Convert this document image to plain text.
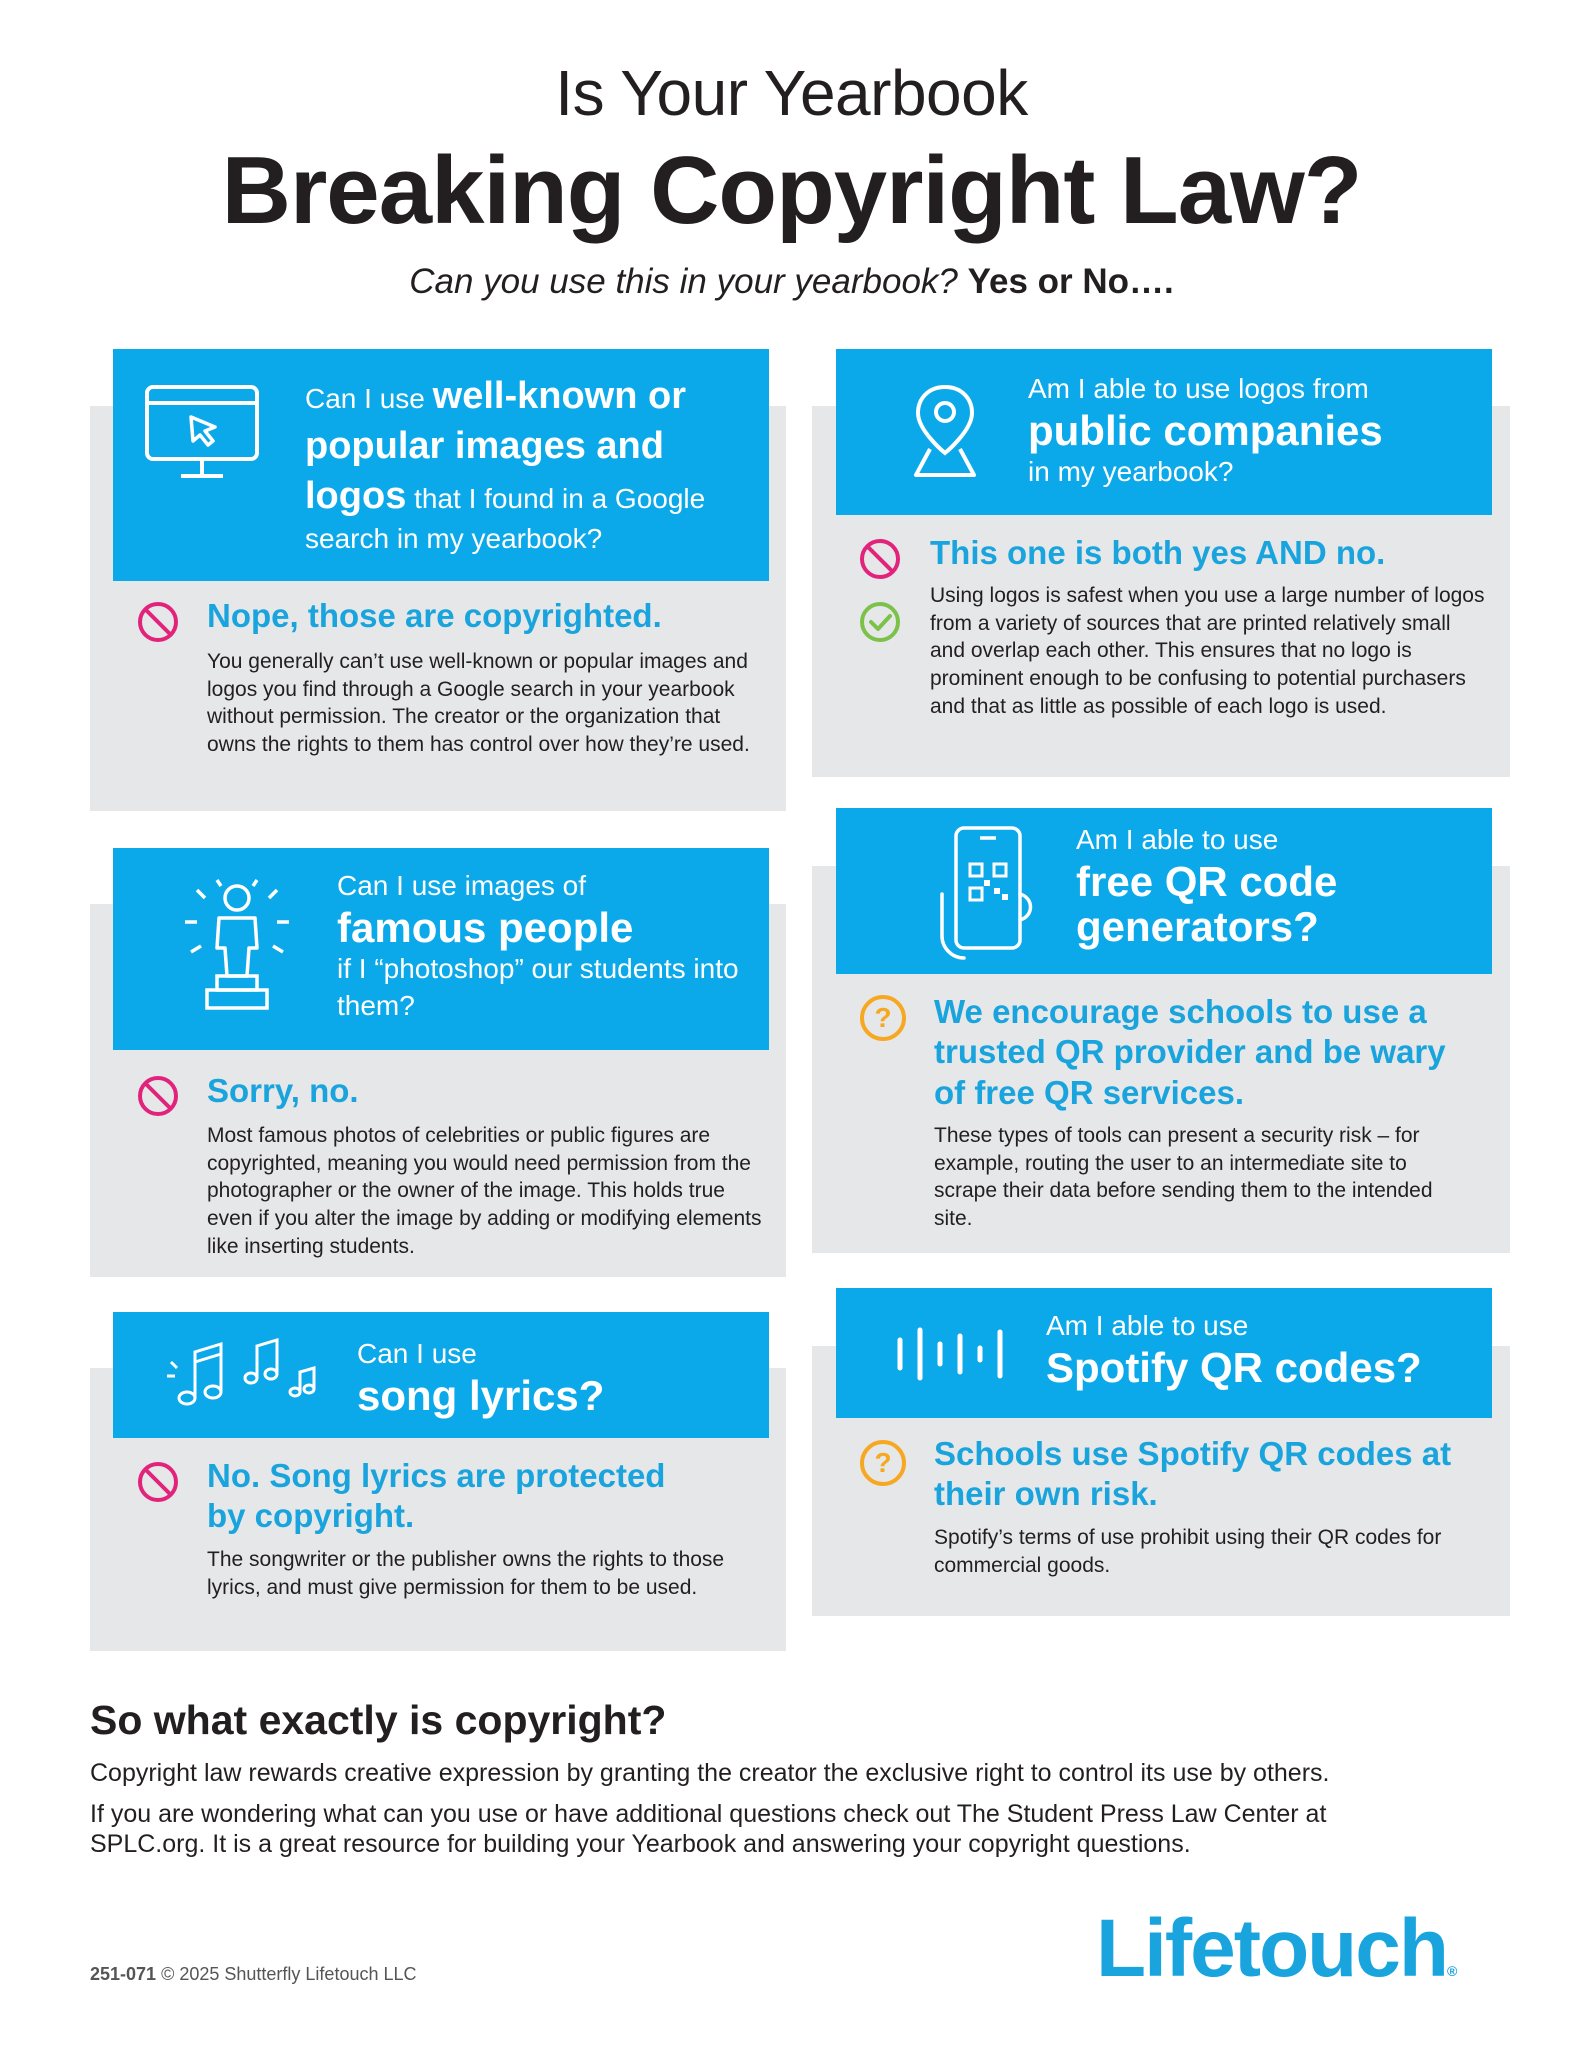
Is Your Yearbook
Breaking Copyright Law?
Can you use this in your yearbook? Yes or No….
Can I use well-known or popular images and logos that I found in a Google search in my yearbook?
Nope, those are copyrighted.
You generally can’t use well-known or popular images and logos you find through a Google search in your yearbook without permission. The creator or the organization that owns the rights to them has control over how they’re used.
Am I able to use logos from
public companies
in my yearbook?
This one is both yes AND no.
Using logos is safest when you use a large number of logos from a variety of sources that are printed relatively small and overlap each other. This ensures that no logo is prominent enough to be confusing to potential purchasers and that as little as possible of each logo is used.
Can I use images of
famous people
if I “photoshop” our students into them?
Sorry, no.
Most famous photos of celebrities or public figures are copyrighted, meaning you would need permission from the photographer or the owner of the image. This holds true even if you alter the image by adding or modifying elements like inserting students.
Am I able to use
free QR code generators?
? We encourage schools to use a trusted QR provider and be wary of free QR services.
These types of tools can present a security risk – for example, routing the user to an intermediate site to scrape their data before sending them to the intended site.
Can I use
song lyrics?
No. Song lyrics are protected by copyright.
The songwriter or the publisher owns the rights to those lyrics, and must give permission for them to be used.
Am I able to use
Spotify QR codes?
? Schools use Spotify QR codes at their own risk.
Spotify’s terms of use prohibit using their QR codes for commercial goods.
So what exactly is copyright?
Copyright law rewards creative expression by granting the creator the exclusive right to control its use by others.
If you are wondering what can you use or have additional questions check out The Student Press Law Center at SPLC.org. It is a great resource for building your Yearbook and answering your copyright questions.
251-071 © 2025 Shutterfly Lifetouch LLC	Lifetouch®
